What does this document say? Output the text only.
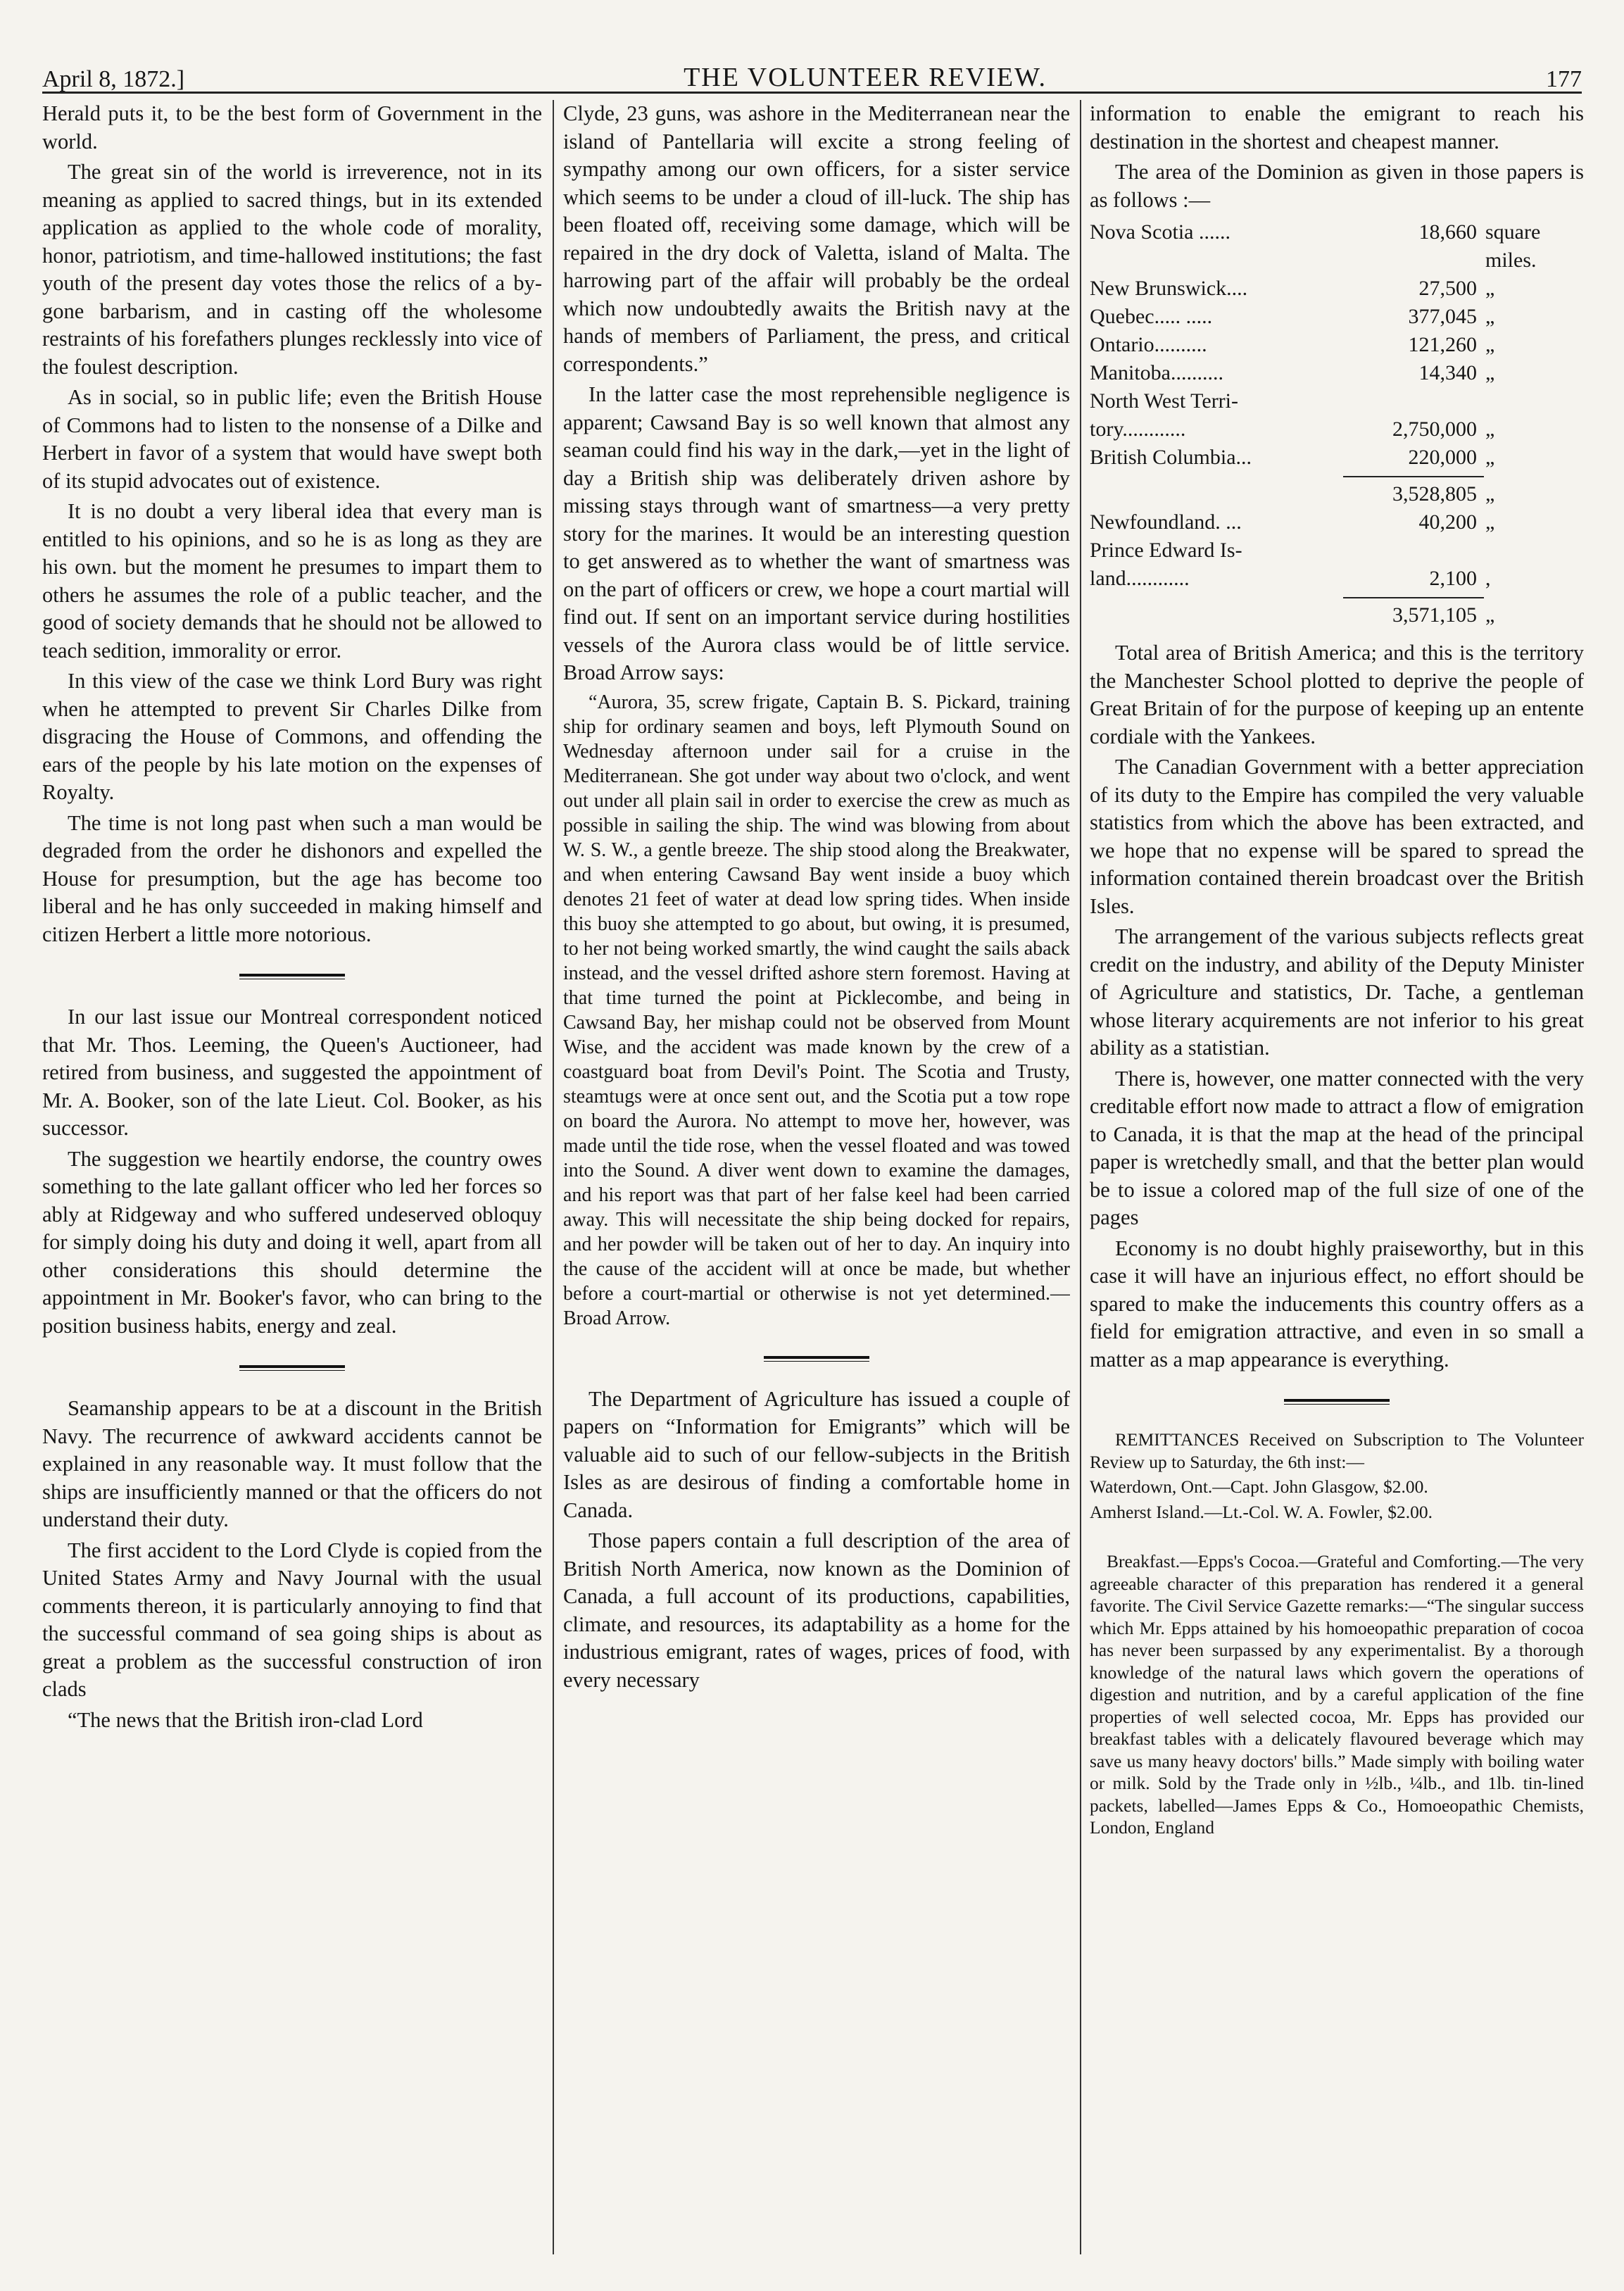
April 8, 1872.]	THE VOLUNTEER REVIEW.	177

Herald puts it, to be the best form of Government in the world.

The great sin of the world is irreverence, not in its meaning as applied to sacred things, but in its extended application as applied to the whole code of morality, honor, patriotism, and time-hallowed institutions; the fast youth of the present day votes those the relics of a by-gone barbarism, and in casting off the wholesome restraints of his forefathers plunges recklessly into vice of the foulest description.

As in social, so in public life; even the British House of Commons had to listen to the nonsense of a Dilke and Herbert in favor of a system that would have swept both of its stupid advocates out of existence.

It is no doubt a very liberal idea that every man is entitled to his opinions, and so he is as long as they are his own. but the moment he presumes to impart them to others he assumes the role of a public teacher, and the good of society demands that he should not be allowed to teach sedition, immorality or error.

In this view of the case we think Lord Bury was right when he attempted to prevent Sir Charles Dilke from disgracing the House of Commons, and offending the ears of the people by his late motion on the expenses of Royalty.

The time is not long past when such a man would be degraded from the order he dishonors and expelled the House for presumption, but the age has become too liberal and he has only succeeded in making himself and citizen Herbert a little more notorious.

In our last issue our Montreal correspondent noticed that Mr. Thos. Leeming, the Queen's Auctioneer, had retired from business, and suggested the appointment of Mr. A. Booker, son of the late Lieut. Col. Booker, as his successor.

The suggestion we heartily endorse, the country owes something to the late gallant officer who led her forces so ably at Ridgeway and who suffered undeserved obloquy for simply doing his duty and doing it well, apart from all other considerations this should determine the appointment in Mr. Booker's favor, who can bring to the position business habits, energy and zeal.

Seamanship appears to be at a discount in the British Navy. The recurrence of awkward accidents cannot be explained in any reasonable way. It must follow that the ships are insufficiently manned or that the officers do not understand their duty.

The first accident to the Lord Clyde is copied from the United States Army and Navy Journal with the usual comments thereon, it is particularly annoying to find that the successful command of sea going ships is about as great a problem as the successful construction of iron clads

“The news that the British iron-clad Lord

Clyde, 23 guns, was ashore in the Mediterranean near the island of Pantellaria will excite a strong feeling of sympathy among our own officers, for a sister service which seems to be under a cloud of ill-luck. The ship has been floated off, receiving some damage, which will be repaired in the dry dock of Valetta, island of Malta. The harrowing part of the affair will probably be the ordeal which now undoubtedly awaits the British navy at the hands of members of Parliament, the press, and critical correspondents.”

In the latter case the most reprehensible negligence is apparent; Cawsand Bay is so well known that almost any seaman could find his way in the dark,—yet in the light of day a British ship was deliberately driven ashore by missing stays through want of smartness—a very pretty story for the marines. It would be an interesting question to get answered as to whether the want of smartness was on the part of officers or crew, we hope a court martial will find out. If sent on an important service during hostilities vessels of the Aurora class would be of little service. Broad Arrow says:

“Aurora, 35, screw frigate, Captain B. S. Pickard, training ship for ordinary seamen and boys, left Plymouth Sound on Wednesday afternoon under sail for a cruise in the Mediterranean. She got under way about two o'clock, and went out under all plain sail in order to exercise the crew as much as possible in sailing the ship. The wind was blowing from about W. S. W., a gentle breeze. The ship stood along the Breakwater, and when entering Cawsand Bay went inside a buoy which denotes 21 feet of water at dead low spring tides. When inside this buoy she attempted to go about, but owing, it is presumed, to her not being worked smartly, the wind caught the sails aback instead, and the vessel drifted ashore stern foremost. Having at that time turned the point at Picklecombe, and being in Cawsand Bay, her mishap could not be observed from Mount Wise, and the accident was made known by the crew of a coastguard boat from Devil's Point. The Scotia and Trusty, steamtugs were at once sent out, and the Scotia put a tow rope on board the Aurora. No attempt to move her, however, was made until the tide rose, when the vessel floated and was towed into the Sound. A diver went down to examine the damages, and his report was that part of her false keel had been carried away. This will necessitate the ship being docked for repairs, and her powder will be taken out of her to day. An inquiry into the cause of the accident will at once be made, but whether before a court-martial or otherwise is not yet determined.—Broad Arrow.

The Department of Agriculture has issued a couple of papers on “Information for Emigrants” which will be valuable aid to such of our fellow-subjects in the British Isles as are desirous of finding a comfortable home in Canada.

Those papers contain a full description of the area of British North America, now known as the Dominion of Canada, a full account of its productions, capabilities, climate, and resources, its adaptability as a home for the industrious emigrant, rates of wages, prices of food, with every necessary

information to enable the emigrant to reach his destination in the shortest and cheapest manner.

The area of the Dominion as given in those papers is as follows :—

Nova Scotia ......	18,660 square miles.
New Brunswick....	27,500 „
Quebec..... .....	377,045 „
Ontario..........	121,260 „
Manitoba..........	14,340 „
North West Terri-
tory............	2,750,000 „
British Columbia...	220,000 „
3,528,805 „
Newfoundland. ...	40,200 „
Prince Edward Is-
land............	2,100 ,
3,571,105 „

Total area of British America; and this is the territory the Manchester School plotted to deprive the people of Great Britain of for the purpose of keeping up an entente cordiale with the Yankees.

The Canadian Government with a better appreciation of its duty to the Empire has compiled the very valuable statistics from which the above has been extracted, and we hope that no expense will be spared to spread the information contained therein broadcast over the British Isles.

The arrangement of the various subjects reflects great credit on the industry, and ability of the Deputy Minister of Agriculture and statistics, Dr. Tache, a gentleman whose literary acquirements are not inferior to his great ability as a statistian.

There is, however, one matter connected with the very creditable effort now made to attract a flow of emigration to Canada, it is that the map at the head of the principal paper is wretchedly small, and that the better plan would be to issue a colored map of the full size of one of the pages

Economy is no doubt highly praiseworthy, but in this case it will have an injurious effect, no effort should be spared to make the inducements this country offers as a field for emigration attractive, and even in so small a matter as a map appearance is everything.

REMITTANCES Received on Subscription to The Volunteer Review up to Saturday, the 6th inst:—

Waterdown, Ont.—Capt. John Glasgow, $2.00.

Amherst Island.—Lt.-Col. W. A. Fowler, $2.00.

Breakfast.—Epps's Cocoa.—Grateful and Comforting.—The very agreeable character of this preparation has rendered it a general favorite. The Civil Service Gazette remarks:—“The singular success which Mr. Epps attained by his homoeopathic preparation of cocoa has never been surpassed by any experimentalist. By a thorough knowledge of the natural laws which govern the operations of digestion and nutrition, and by a careful application of the fine properties of well selected cocoa, Mr. Epps has provided our breakfast tables with a delicately flavoured beverage which may save us many heavy doctors' bills.” Made simply with boiling water or milk. Sold by the Trade only in ½lb., ¼lb., and 1lb. tin-lined packets, labelled—James Epps & Co., Homoeopathic Chemists, London, England
